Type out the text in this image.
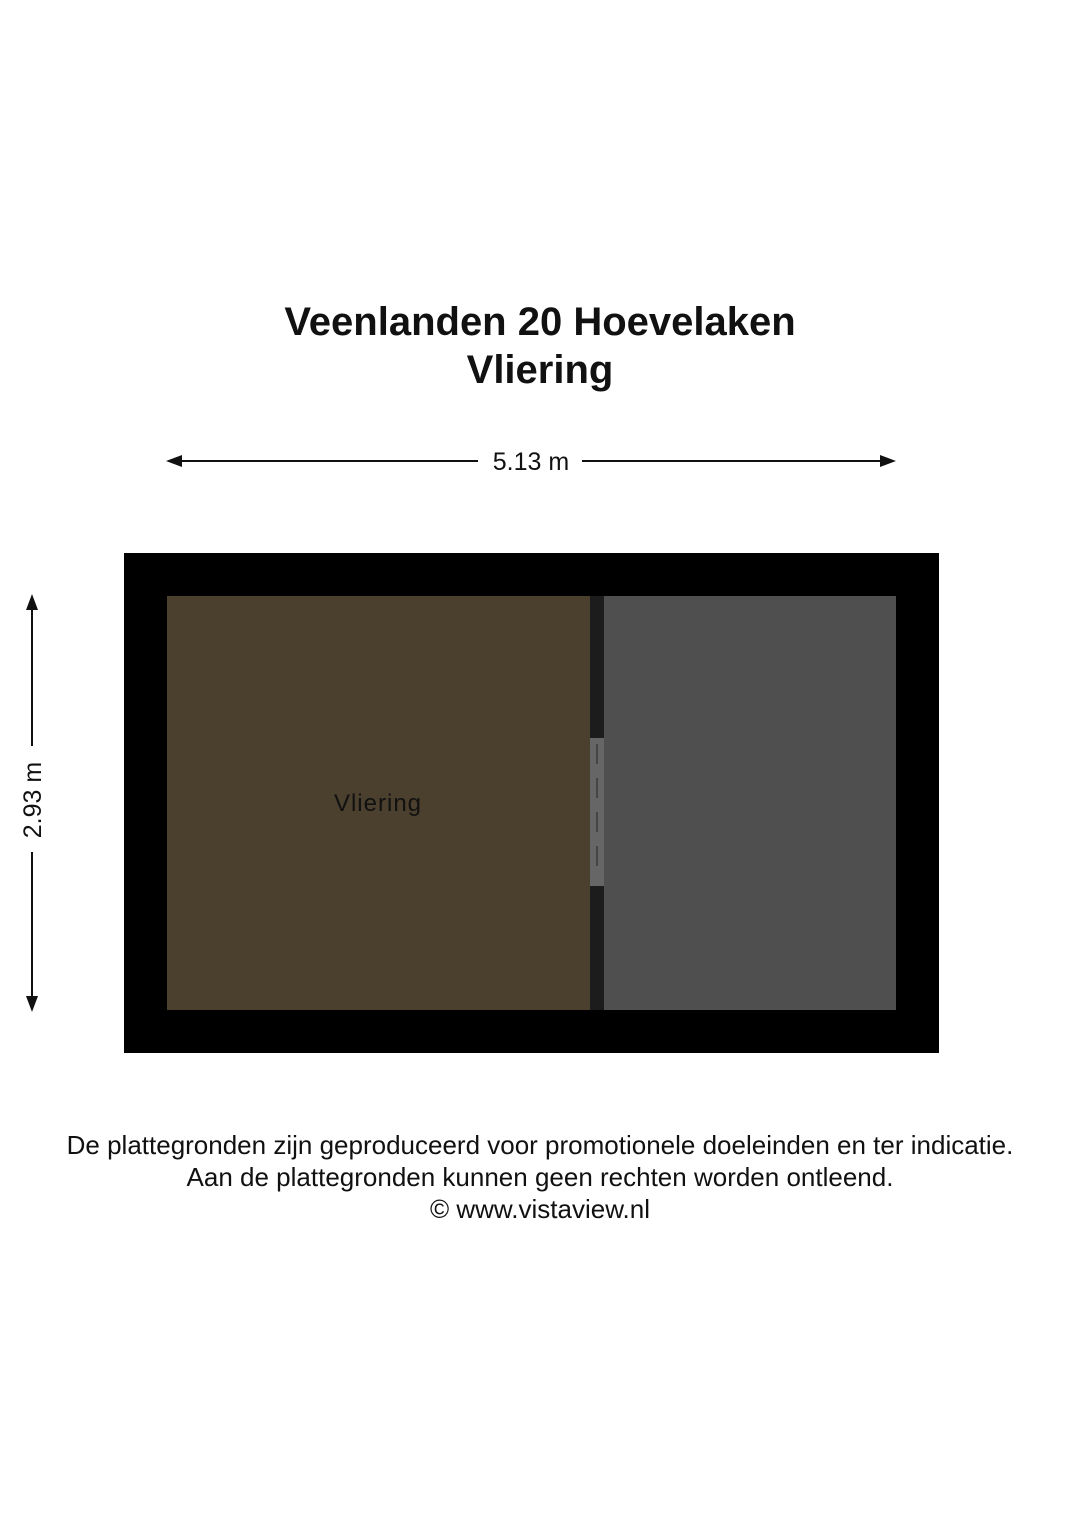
Veenlanden 20 Hoevelaken
Vliering
5.13 m
2.93 m	Vliering
De plattegronden zijn geproduceerd voor promotionele doeleinden en ter indicatie.
Aan de plattegronden kunnen geen rechten worden ontleend.
© www.vistaview.nl
